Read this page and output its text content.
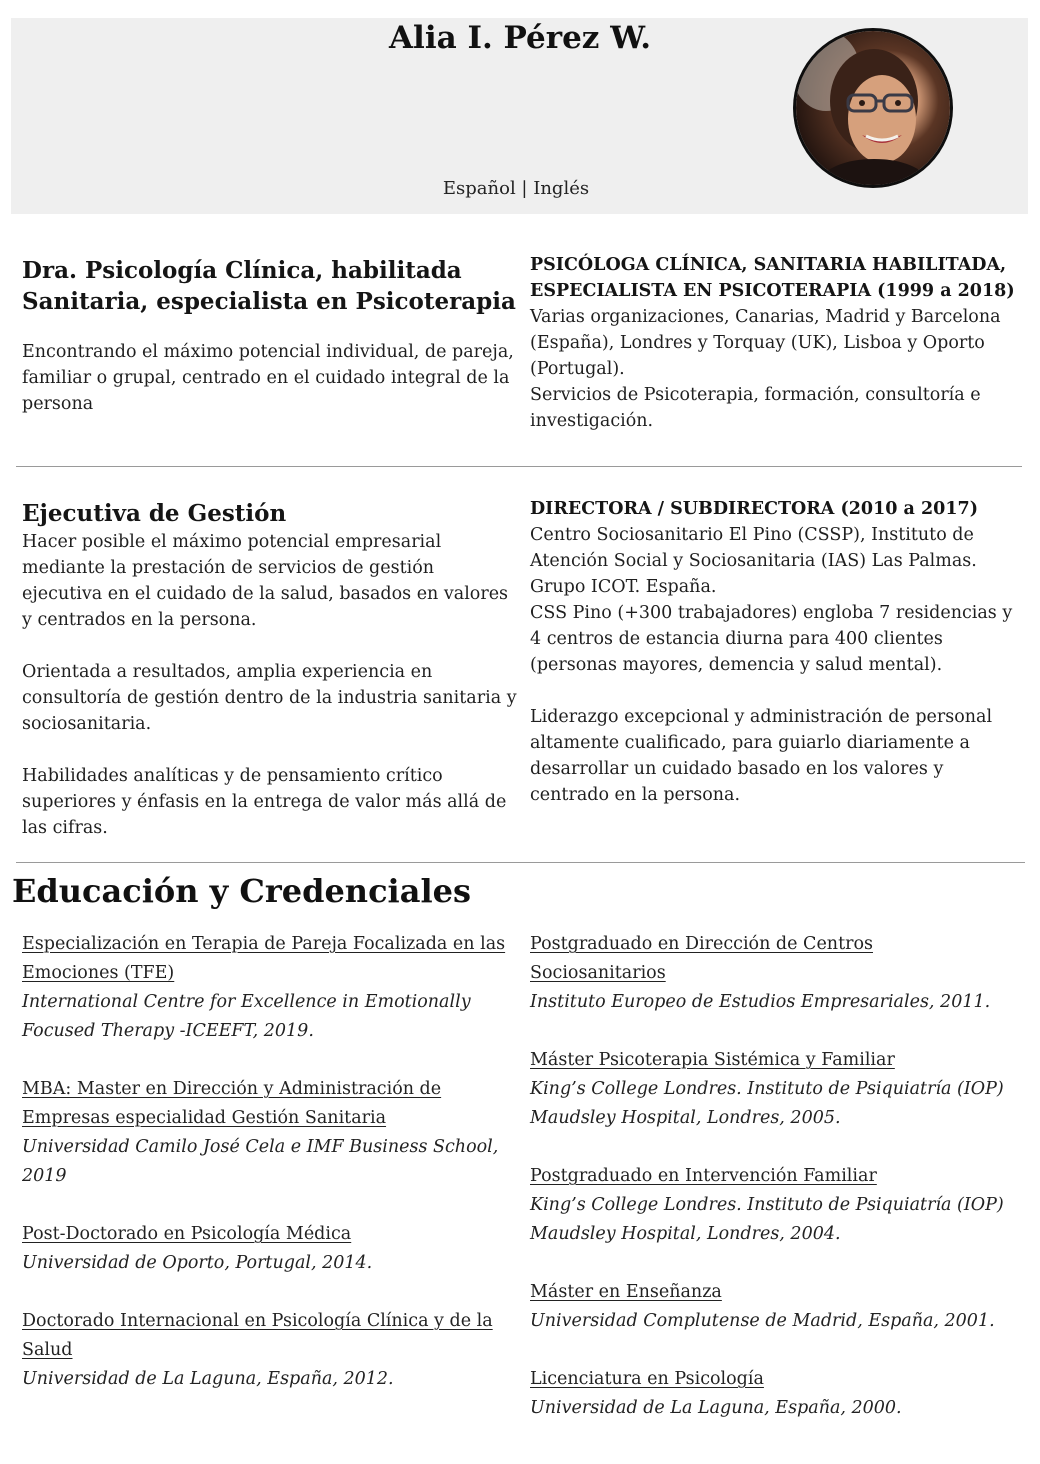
Alia I. Pérez W.
Español | Inglés

Dra. Psicología Clínica, habilitada

Sanitaria, especialista en Psicoterapia

Encontrando el máximo potencial individual, de pareja, familiar o grupal, centrado en el cuidado integral de la persona

PSICÓLOGA CLÍNICA, SANITARIA HABILITADA,

ESPECIALISTA EN PSICOTERAPIA (1999 a 2018)

Varias organizaciones, Canarias, Madrid y Barcelona (España), Londres y Torquay (UK), Lisboa y Oporto (Portugal).

Servicios de Psicoterapia, formación, consultoría e investigación.

Ejecutiva de Gestión

Hacer posible el máximo potencial empresarial mediante la prestación de servicios de gestión ejecutiva en el cuidado de la salud, basados en valores y centrados en la persona.

Orientada a resultados, amplia experiencia en consultoría de gestión dentro de la industria sanitaria y sociosanitaria.

Habilidades analíticas y de pensamiento crítico superiores y énfasis en la entrega de valor más allá de las cifras.

DIRECTORA / SUBDIRECTORA (2010 a 2017)

Centro Sociosanitario El Pino (CSSP), Instituto de Atención Social y Sociosanitaria (IAS) Las Palmas. Grupo ICOT. España.

CSS Pino (+300 trabajadores) engloba 7 residencias y 4 centros de estancia diurna para 400 clientes (personas mayores, demencia y salud mental).

Liderazgo excepcional y administración de personal altamente cualificado, para guiarlo diariamente a desarrollar un cuidado basado en los valores y centrado en la persona.

Educación y Credenciales
Especialización en Terapia de Pareja Focalizada en las Emociones (TFE)
International Centre for Excellence in Emotionally Focused Therapy -ICEEFT, 2019.
MBA: Master en Dirección y Administración de Empresas especialidad Gestión Sanitaria
Universidad Camilo José Cela e IMF Business School, 2019
Post-Doctorado en Psicología Médica
Universidad de Oporto, Portugal, 2014.
Doctorado Internacional en Psicología Clínica y de la Salud
Universidad de La Laguna, España, 2012.
Postgraduado en Dirección de Centros Sociosanitarios
Instituto Europeo de Estudios Empresariales, 2011.
Máster Psicoterapia Sistémica y Familiar
King’s College Londres. Instituto de Psiquiatría (IOP) Maudsley Hospital, Londres, 2005.
Postgraduado en Intervención Familiar
King’s College Londres. Instituto de Psiquiatría (IOP) Maudsley Hospital, Londres, 2004.
Máster en Enseñanza
Universidad Complutense de Madrid, España, 2001.
Licenciatura en Psicología
Universidad de La Laguna, España, 2000.
